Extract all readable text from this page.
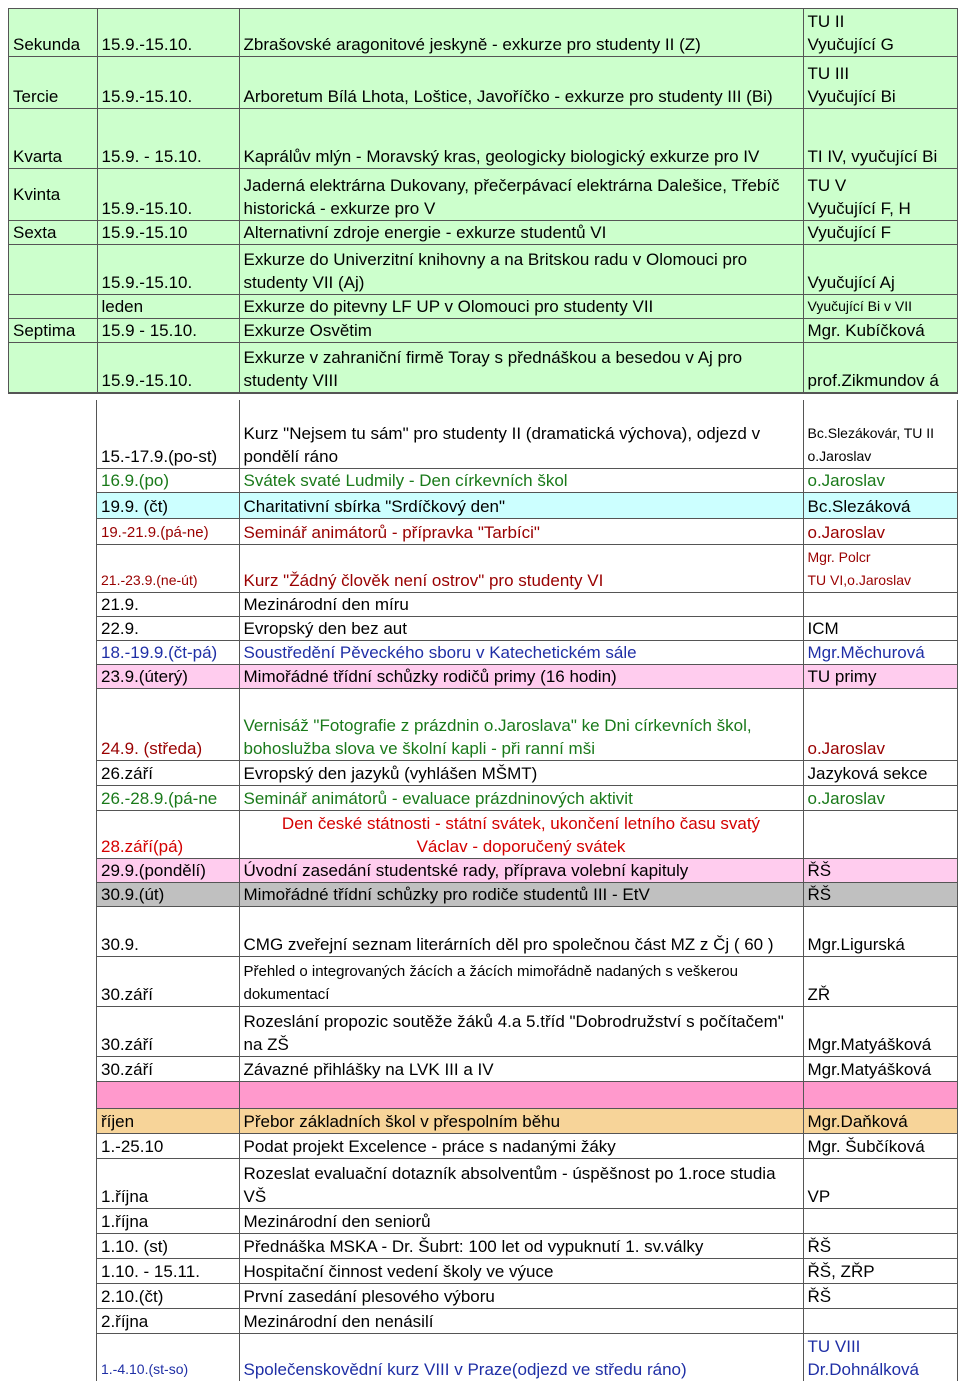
Sekunda	15.9.-15.10.	Zbrašovské aragonitové jeskyně - exkurze pro studenty II (Z)	TU II
Vyučující G
Tercie	15.9.-15.10.	Arboretum Bílá Lhota, Loštice, Javoříčko - exkurze pro studenty III (Bi)	TU III
Vyučující Bi
Kvarta	15.9. - 15.10.	Kaprálův mlýn - Moravský kras, geologicky biologický exkurze pro IV	TI IV, vyučující Bi
Kvinta	15.9.-15.10.	Jaderná elektrárna Dukovany, přečerpávací elektrárna Dalešice, Třebíč historická - exkurze pro V	TU V
Vyučující F, H
Sexta	15.9.-15.10	Alternativní zdroje energie - exkurze studentů VI	Vyučující F
	15.9.-15.10.	Exkurze do Univerzitní knihovny a na Britskou radu v Olomouci pro studenty VII (Aj)	Vyučující Aj
	leden	Exkurze do pitevny LF UP v Olomouci pro studenty VII	Vyučující Bi v VII
Septima	15.9 - 15.10.	Exkurze Osvětim	Mgr. Kubíčková
	15.9.-15.10.	Exkurze v zahraniční firmě Toray s přednáškou a besedou v Aj pro studenty VIII	prof.Zikmundov á
15.-17.9.(po-st)	Kurz "Nejsem tu sám" pro studenty II (dramatická výchova), odjezd v pondělí ráno	Bc.Slezákovár, TU II o.Jaroslav
16.9.(po)	Svátek svaté Ludmily - Den církevních škol	o.Jaroslav
19.9. (čt)	Charitativní sbírka "Srdíčkový den"	Bc.Slezáková
19.-21.9.(pá-ne)	Seminář animátorů - přípravka "Tarbíci"	o.Jaroslav
21.-23.9.(ne-út)	Kurz "Žádný člověk není ostrov" pro studenty VI	Mgr. Polcr
TU VI,o.Jaroslav
21.9.	Mezinárodní den míru	
22.9.	Evropský den bez aut	ICM
18.-19.9.(čt-pá)	Soustředění Pěveckého sboru v Katechetickém sále	Mgr.Měchurová
23.9.(úterý)	Mimořádné třídní schůzky rodičů primy (16 hodin)	TU primy

24.9. (středa)	Vernisáž "Fotografie z prázdnin o.Jaroslava" ke Dni církevních škol, bohoslužba slova ve školní kapli - při ranní mši	o.Jaroslav
26.září	Evropský den jazyků (vyhlášen MŠMT)	Jazyková sekce
26.-28.9.(pá-ne	Seminář animátorů - evaluace prázdninových aktivit	o.Jaroslav
28.září(pá)	Den české státnosti - státní svátek, ukončení letního času svatý Václav - doporučený svátek	
29.9.(pondělí)	Úvodní zasedání studentské rady, příprava volební kapituly	ŘŠ
30.9.(út)	Mimořádné třídní schůzky pro rodiče studentů III - EtV	ŘŠ
30.9.	CMG zveřejní seznam literárních děl pro společnou část MZ z Čj ( 60 )	Mgr.Ligurská
30.září	Přehled o integrovaných žácích a žácích mimořádně nadaných s veškerou dokumentací	ZŘ
30.září	Rozeslání propozic soutěže žáků 4.a 5.tříd "Dobrodružství s počítačem" na ZŠ	Mgr.Matyášková
30.září	Závazné přihlášky na LVK III a IV	Mgr.Matyášková

říjen	Přebor základních škol v přespolním běhu	Mgr.Daňková
1.-25.10	Podat projekt Excelence - práce s nadanými žáky	Mgr. Šubčíková
1.října	Rozeslat evaluační dotazník absolventům - úspěšnost po 1.roce studia VŠ	VP
1.října	Mezinárodní den seniorů	
1.10. (st)	Přednáška MSKA - Dr. Šubrt: 100 let od vypuknutí 1. sv.války	ŘŠ
1.10. - 15.11.	Hospitační činnost vedení školy ve výuce	ŘŠ, ZŘP
2.10.(čt)	První zasedání plesového výboru	ŘŠ
2.října	Mezinárodní den nenásilí	
1.-4.10.(st-so)	Společenskovědní kurz VIII v Praze(odjezd ve středu ráno)	TU VIII
Dr.Dohnálková
